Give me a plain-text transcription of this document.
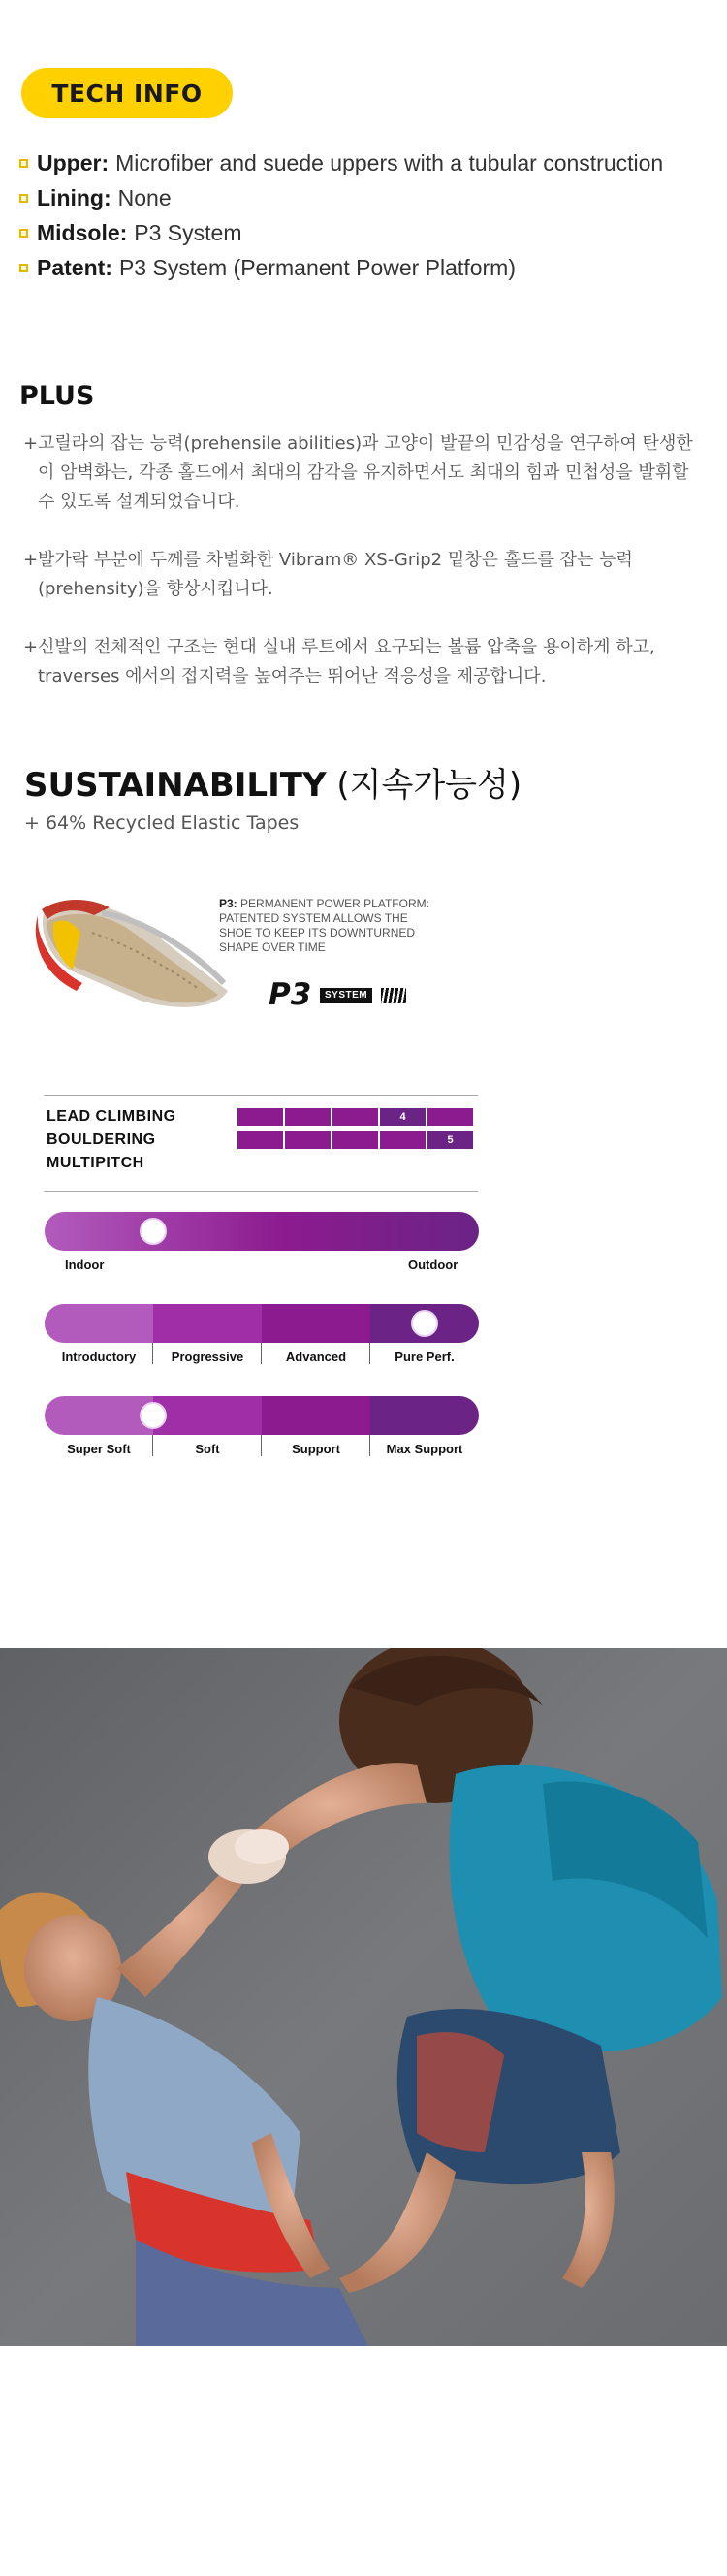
TECH INFO
Upper: Microfiber and suede uppers with a tubular construction
Lining: None
Midsole: P3 System
Patent: P3 System (Permanent Power Platform)
PLUS
+ 고릴라의 잡는 능력(prehensile abilities)과 고양이 발끝의 민감성을 연구하여 탄생한 이 암벽화는, 각종 홀드에서 최대의 감각을 유지하면서도 최대의 힘과 민첩성을 발휘할 수 있도록 설계되었습니다.
+ 발가락 부분에 두께를 차별화한 Vibram® XS-Grip2 밑창은 홀드를 잡는 능력(prehensity)을 향상시킵니다.
+ 신발의 전체적인 구조는 현대 실내 루트에서 요구되는 볼륨 압축을 용이하게 하고, traverses 에서의 접지력을 높여주는 뛰어난 적응성을 제공합니다.
SUSTAINABILITY (지속가능성)
+ 64% Recycled Elastic Tapes
P3: PERMANENT POWER PLATFORM: PATENTED SYSTEM ALLOWS THE SHOE TO KEEP ITS DOWNTURNED SHAPE OVER TIME
P3	SYSTEM
LEAD CLIMBING
BOULDERING
MULTIPITCH
4
5
Indoor	Outdoor
Introductory	Progressive	Advanced	Pure Perf.
Super Soft	Soft	Support	Max Support
